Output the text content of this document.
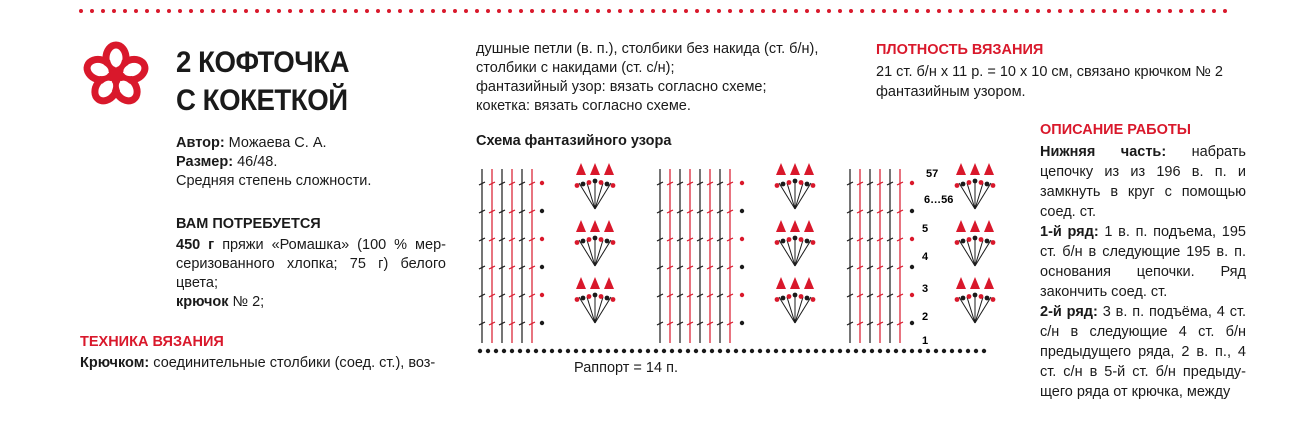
2 КОФТОЧКА
С КОКЕТКОЙ

Автор: Можаева С. А.

Размер: 46/48.

Средняя степень сложности.

ВАМ ПОТРЕБУЕТСЯ

450 г пряжи «Ромашка» (100 % мерсеризованного хлопка; 75 г) белого цвета;

крючок № 2;

ТЕХНИКА ВЯЗАНИЯ
Крючком: соединительные столбики (соед. ст.), воз-

душные петли (в. п.), столбики без накида (ст. б/н),

столбики с накидами (ст. с/н);

фантазийный узор: вязать согласно схеме;

кокетка: вязать согласно схеме.

Схема фантазийного узора
57
6…56
5
4
3
2
1
Раппорт = 14 п.
ПЛОТНОСТЬ ВЯЗАНИЯ

21 ст. б/н х 11 р. = 10 х 10 см, связано крючком № 2

фантазийным узором.

ОПИСАНИЕ РАБОТЫ

Нижняя часть: набрать цепочку из из 196 в. п. и замкнуть в круг с помощью соед. ст.

1-й ряд: 1 в. п. подъема, 195 ст. б/н в следующие 195 в. п. основания цепочки. Ряд закончить соед. ст.

2-й ряд: 3 в. п. подъёма, 4 ст. с/н в следующие 4 ст. б/н предыдущего ряда, 2 в. п., 4 ст. с/н в 5-й ст. б/н предыдущего ряда от крючка, между
